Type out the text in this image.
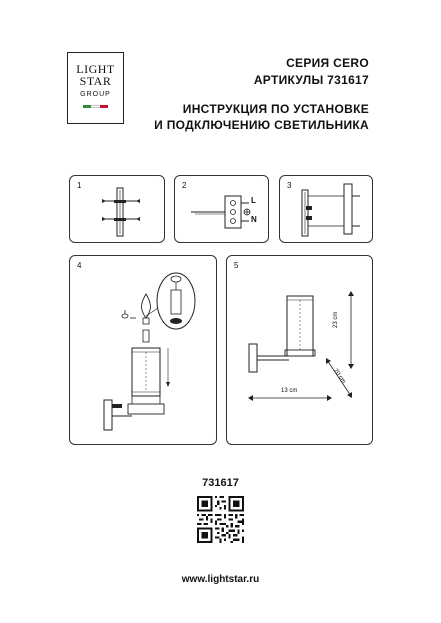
LIGHT
STAR
GROUP
СЕРИЯ CERO
АРТИКУЛЫ 731617
ИНСТРУКЦИЯ ПО УСТАНОВКЕ
И ПОДКЛЮЧЕНИЮ СВЕТИЛЬНИКА
1	2
L
N
3
4	5
23 cm
13 cm
20 cm
731617
www.lightstar.ru
